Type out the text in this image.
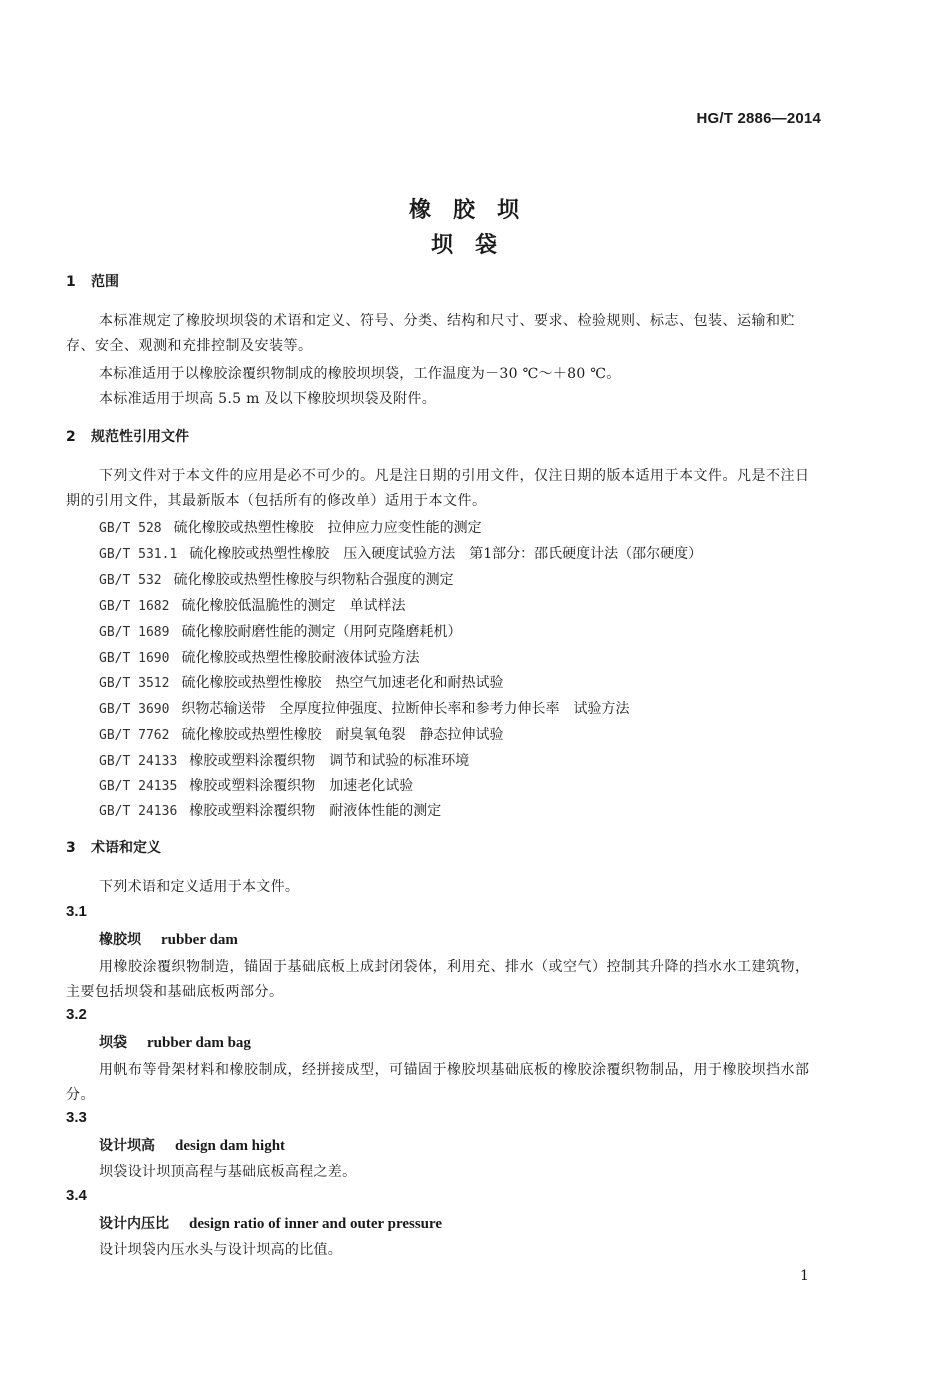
HG/T 2886—2014
橡胶坝
坝袋
1 范围
本标准规定了橡胶坝坝袋的术语和定义、符号、分类、结构和尺寸、要求、检验规则、标志、包装、运输和贮存、安全、观测和充排控制及安装等。
本标准适用于以橡胶涂覆织物制成的橡胶坝坝袋，工作温度为－30 ℃～＋80 ℃。
本标准适用于坝高 5.5 m 及以下橡胶坝坝袋及附件。
2 规范性引用文件
下列文件对于本文件的应用是必不可少的。凡是注日期的引用文件，仅注日期的版本适用于本文件。凡是不注日期的引用文件，其最新版本（包括所有的修改单）适用于本文件。
GB/T 528 硫化橡胶或热塑性橡胶　拉伸应力应变性能的测定
GB/T 531.1 硫化橡胶或热塑性橡胶　压入硬度试验方法　第1部分：邵氏硬度计法（邵尔硬度）
GB/T 532 硫化橡胶或热塑性橡胶与织物粘合强度的测定
GB/T 1682 硫化橡胶低温脆性的测定　单试样法
GB/T 1689 硫化橡胶耐磨性能的测定（用阿克隆磨耗机）
GB/T 1690 硫化橡胶或热塑性橡胶耐液体试验方法
GB/T 3512 硫化橡胶或热塑性橡胶　热空气加速老化和耐热试验
GB/T 3690 织物芯输送带　全厚度拉伸强度、拉断伸长率和参考力伸长率　试验方法
GB/T 7762 硫化橡胶或热塑性橡胶　耐臭氧龟裂　静态拉伸试验
GB/T 24133 橡胶或塑料涂覆织物　调节和试验的标准环境
GB/T 24135 橡胶或塑料涂覆织物　加速老化试验
GB/T 24136 橡胶或塑料涂覆织物　耐液体性能的测定
3 术语和定义
下列术语和定义适用于本文件。
3.1
橡胶坝 rubber dam
用橡胶涂覆织物制造，锚固于基础底板上成封闭袋体，利用充、排水（或空气）控制其升降的挡水水工建筑物，主要包括坝袋和基础底板两部分。
3.2
坝袋 rubber dam bag
用帆布等骨架材料和橡胶制成，经拼接成型，可锚固于橡胶坝基础底板的橡胶涂覆织物制品，用于橡胶坝挡水部分。
3.3
设计坝高 design dam hight
坝袋设计坝顶高程与基础底板高程之差。
3.4
设计内压比 design ratio of inner and outer pressure
设计坝袋内压水头与设计坝高的比值。
1
